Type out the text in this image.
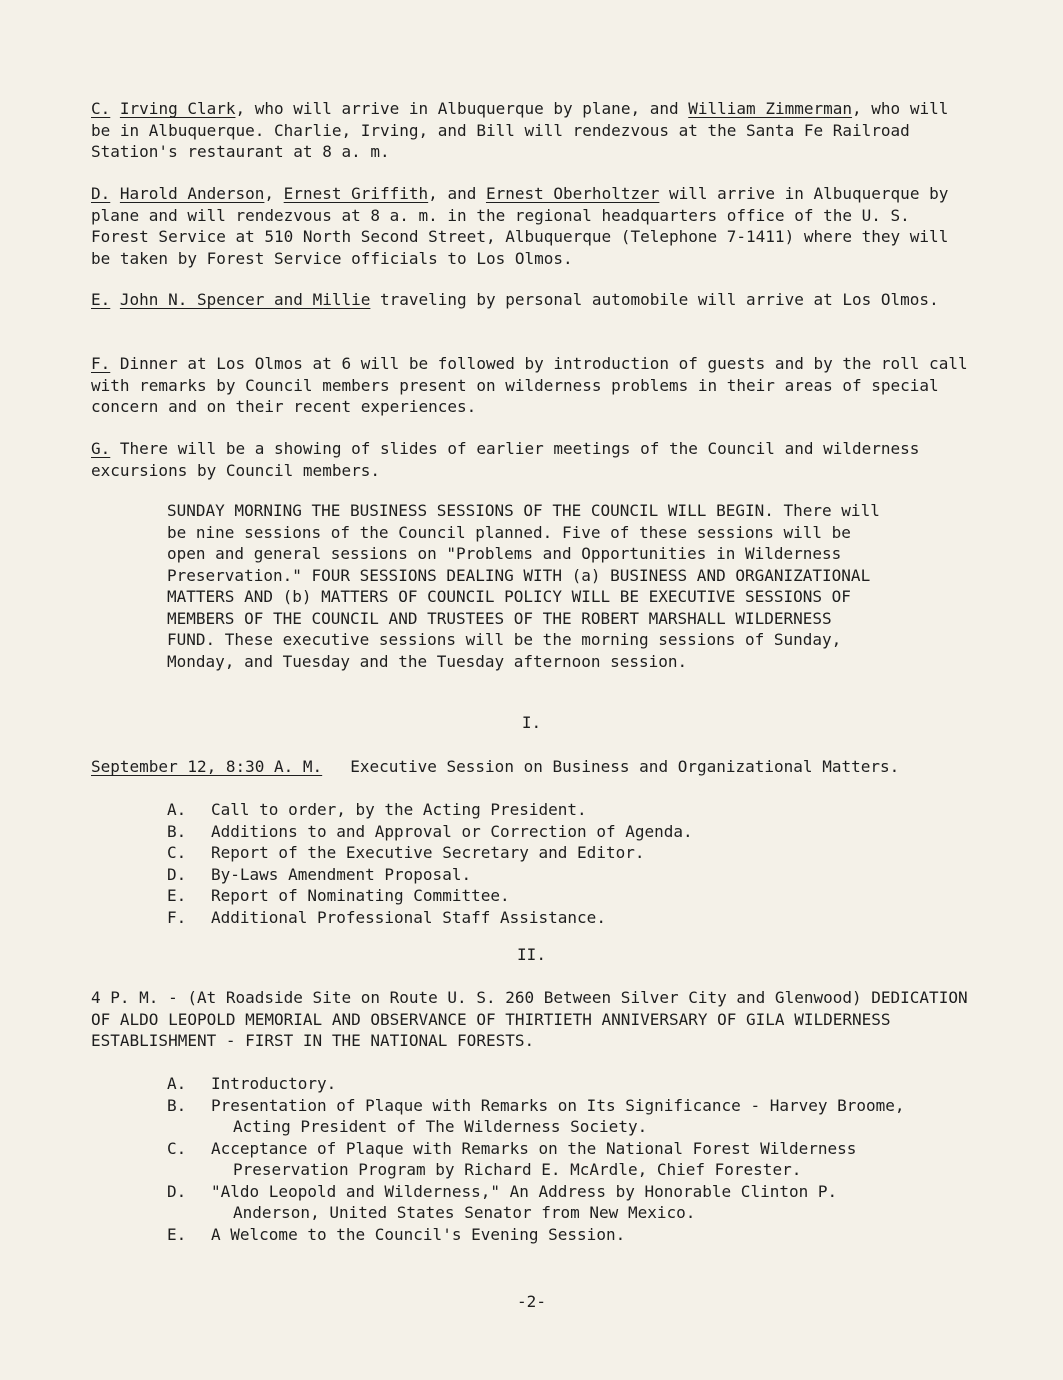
C. Irving Clark, who will arrive in Albuquerque by plane, and William Zimmerman, who will be in Albuquerque. Charlie, Irving, and Bill will rendezvous at the Santa Fe Railroad Station's restaurant at 8 a. m.

D. Harold Anderson, Ernest Griffith, and Ernest Oberholtzer will arrive in Albuquerque by plane and will rendezvous at 8 a. m. in the regional headquarters office of the U. S. Forest Service at 510 North Second Street, Albuquerque (Telephone 7-1411) where they will be taken by Forest Service officials to Los Olmos.

E. John N. Spencer and Millie traveling by personal automobile will arrive at Los Olmos.

F. Dinner at Los Olmos at 6 will be followed by introduction of guests and by the roll call with remarks by Council members present on wilderness problems in their areas of special concern and on their recent experiences.

G. There will be a showing of slides of earlier meetings of the Council and wilderness excursions by Council members.

SUNDAY MORNING THE BUSINESS SESSIONS OF THE COUNCIL WILL BEGIN. There will be nine sessions of the Council planned. Five of these sessions will be open and general sessions on "Problems and Opportunities in Wilderness Preservation." FOUR SESSIONS DEALING WITH (a) BUSINESS AND ORGANIZATIONAL MATTERS AND (b) MATTERS OF COUNCIL POLICY WILL BE EXECUTIVE SESSIONS OF MEMBERS OF THE COUNCIL AND TRUSTEES OF THE ROBERT MARSHALL WILDERNESS FUND. These executive sessions will be the morning sessions of Sunday, Monday, and Tuesday and the Tuesday afternoon session.

I.

September 12, 8:30 A. M. Executive Session on Business and Organizational Matters.

A.	Call to order, by the Acting President.
B.	Additions to and Approval or Correction of Agenda.
C.	Report of the Executive Secretary and Editor.
D.	By-Laws Amendment Proposal.
E.	Report of Nominating Committee.
F.	Additional Professional Staff Assistance.

II.

4 P. M. - (At Roadside Site on Route U. S. 260 Between Silver City and Glenwood) DEDICATION OF ALDO LEOPOLD MEMORIAL AND OBSERVANCE OF THIRTIETH ANNIVERSARY OF GILA WILDERNESS ESTABLISHMENT - FIRST IN THE NATIONAL FORESTS.

A.	Introductory.
B.	Presentation of Plaque with Remarks on Its Significance - Harvey Broome,
Acting President of The Wilderness Society.
C.	Acceptance of Plaque with Remarks on the National Forest Wilderness
Preservation Program by Richard E. McArdle, Chief Forester.
D.	"Aldo Leopold and Wilderness," An Address by Honorable Clinton P.
Anderson, United States Senator from New Mexico.
E.	A Welcome to the Council's Evening Session.

-2-
